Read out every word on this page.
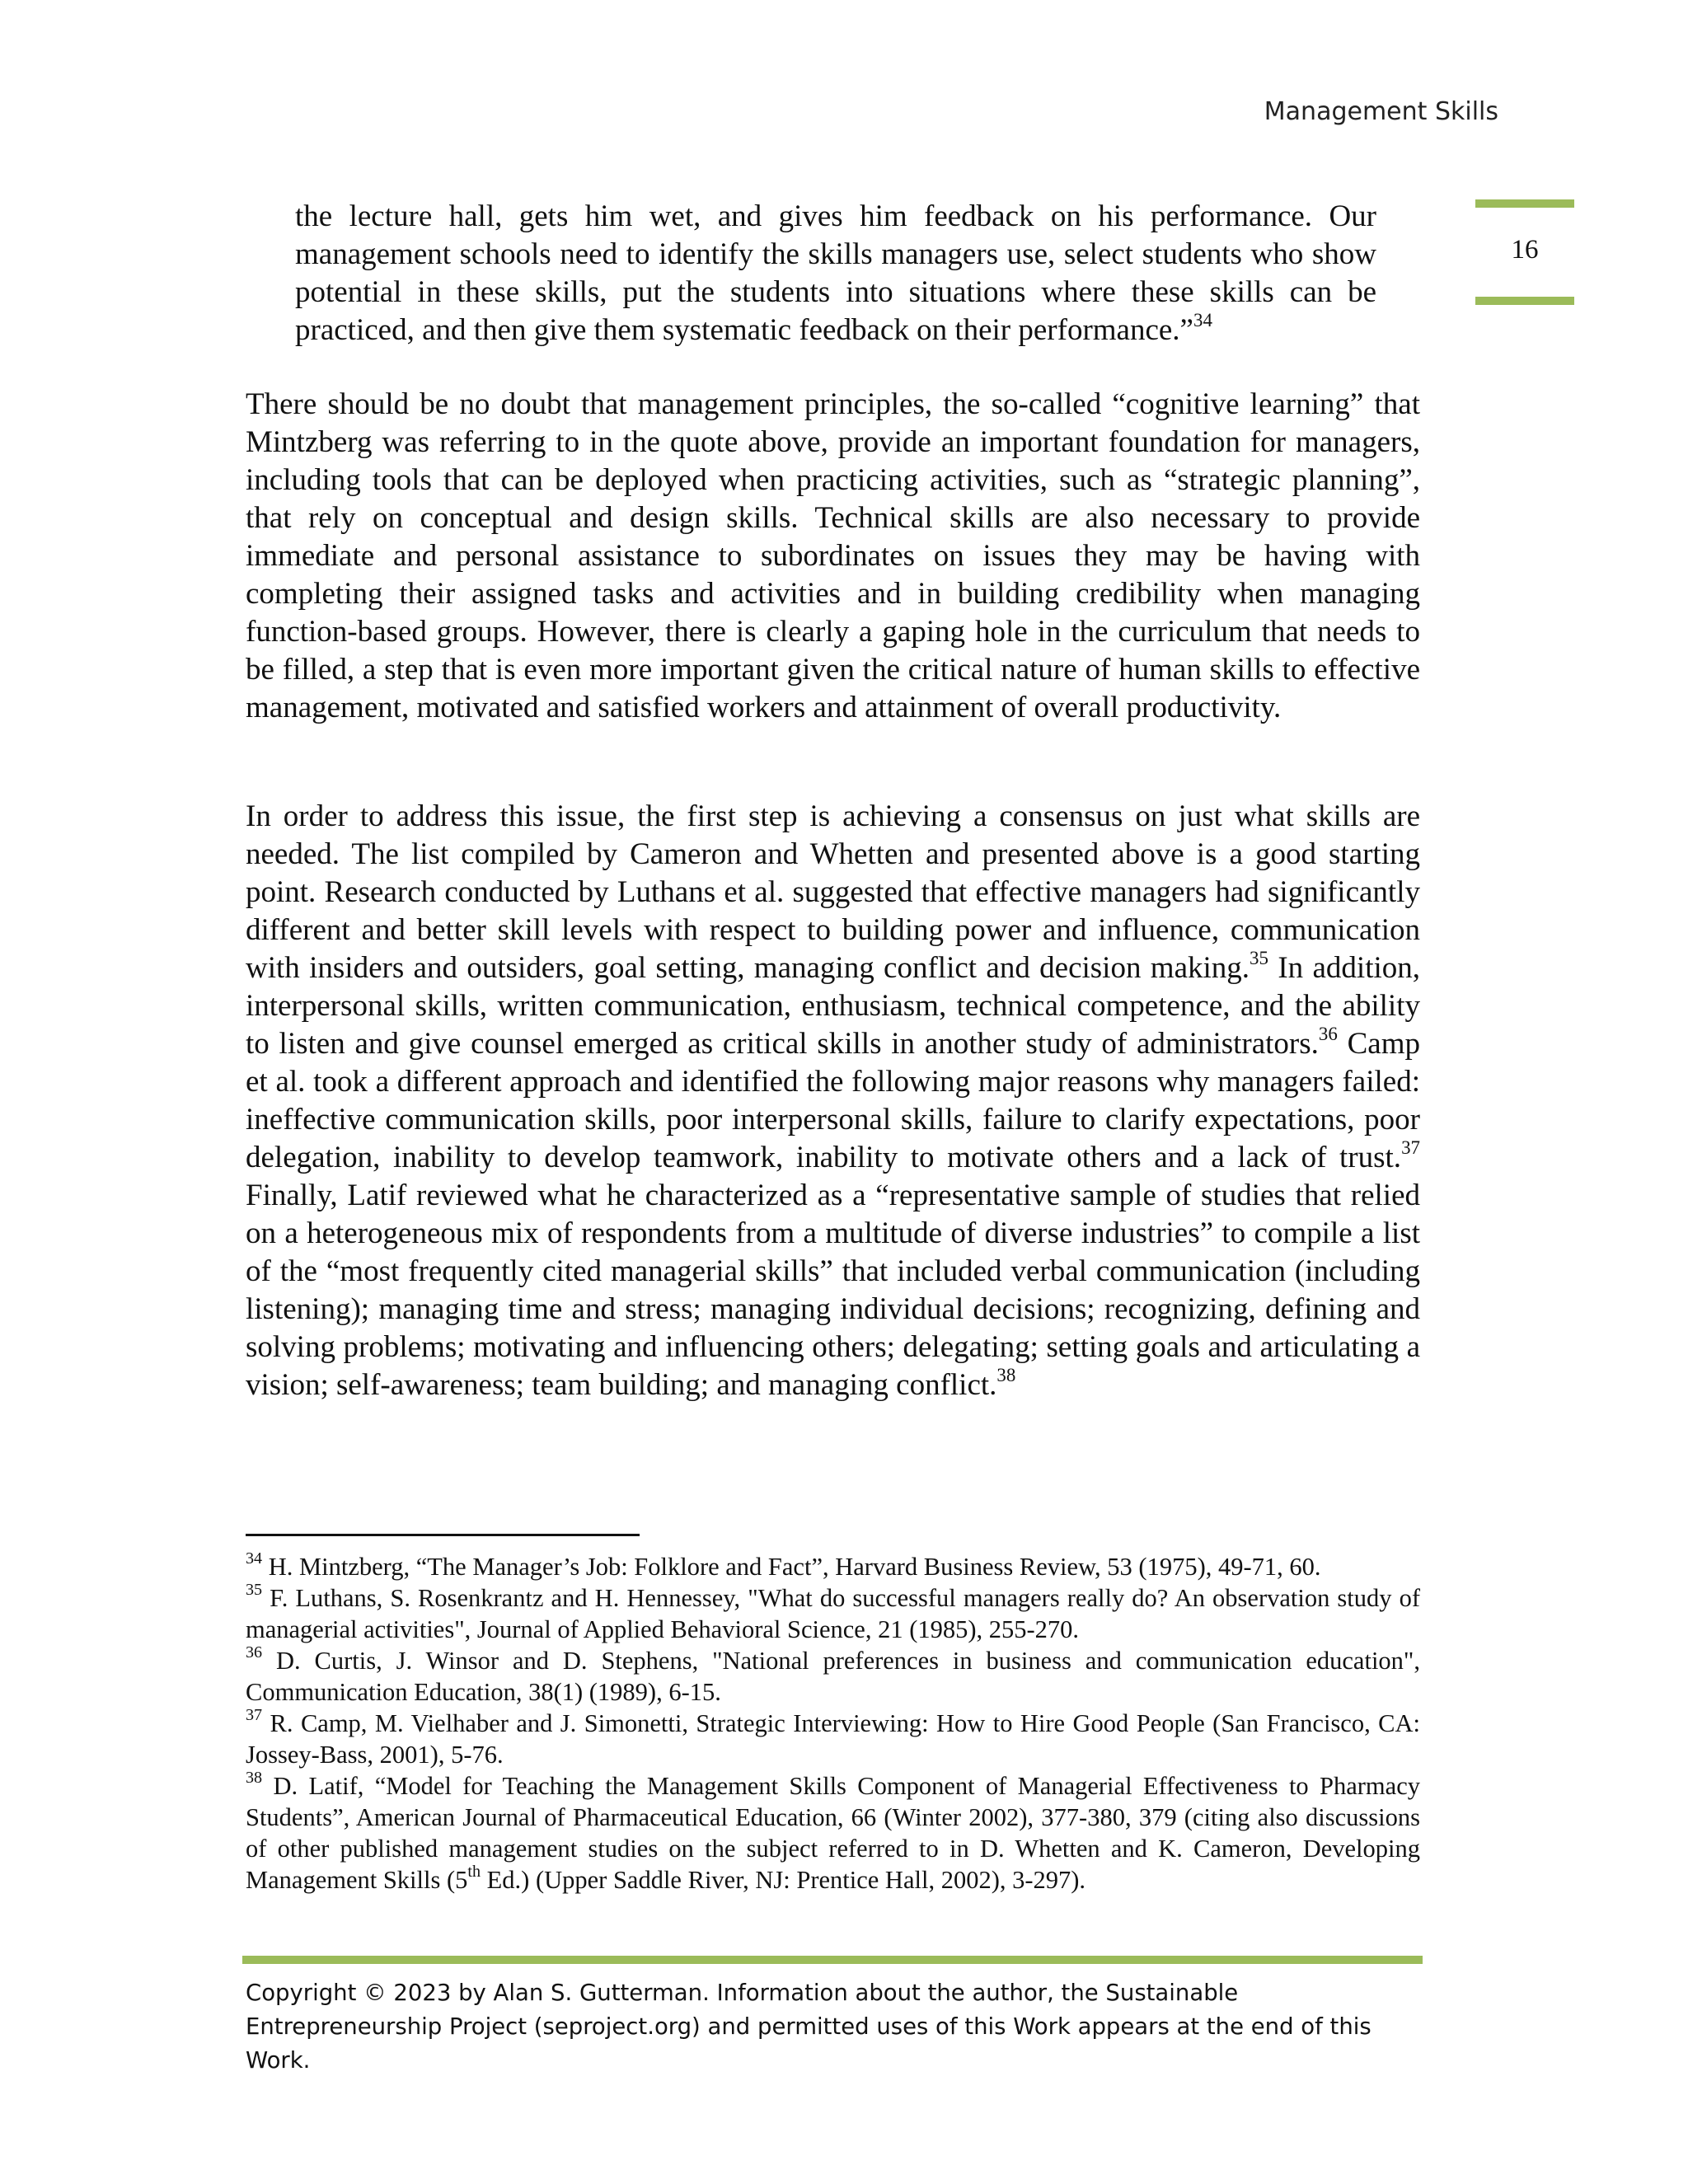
Management Skills
16

the lecture hall, gets him wet, and gives him feedback on his performance. Our management schools need to identify the skills managers use, select students who show potential in these skills, put the students into situations where these skills can be practiced, and then give them systematic feedback on their performance.”$^{34}$

There should be no doubt that management principles, the so-called “cognitive learning” that Mintzberg was referring to in the quote above, provide an important foundation for managers, including tools that can be deployed when practicing activities, such as “strategic planning”, that rely on conceptual and design skills. Technical skills are also necessary to provide immediate and personal assistance to subordinates on issues they may be having with completing their assigned tasks and activities and in building credibility when managing function-based groups. However, there is clearly a gaping hole in the curriculum that needs to be filled, a step that is even more important given the critical nature of human skills to effective management, motivated and satisfied workers and attainment of overall productivity.

In order to address this issue, the first step is achieving a consensus on just what skills are needed. The list compiled by Cameron and Whetten and presented above is a good starting point. Research conducted by Luthans et al. suggested that effective managers had significantly different and better skill levels with respect to building power and influence, communication with insiders and outsiders, goal setting, managing conflict and decision making.$^{35}$ In addition, interpersonal skills, written communication, enthusiasm, technical competence, and the ability to listen and give counsel emerged as critical skills in another study of administrators.$^{36}$ Camp et al. took a different approach and identified the following major reasons why managers failed: ineffective communication skills, poor interpersonal skills, failure to clarify expectations, poor delegation, inability to develop teamwork, inability to motivate others and a lack of trust.$^{37}$ Finally, Latif reviewed what he characterized as a “representative sample of studies that relied on a heterogeneous mix of respondents from a multitude of diverse industries” to compile a list of the “most frequently cited managerial skills” that included verbal communication (including listening); managing time and stress; managing individual decisions; recognizing, defining and solving problems; motivating and influencing others; delegating; setting goals and articulating a vision; self-awareness; team building; and managing conflict.$^{38}$

$^{34}$ H. Mintzberg, “The Manager’s Job: Folklore and Fact”, Harvard Business Review, 53 (1975), 49-71, 60.

$^{35}$ F. Luthans, S. Rosenkrantz and H. Hennessey, "What do successful managers really do? An observation study of managerial activities", Journal of Applied Behavioral Science, 21 (1985), 255-270.

$^{36}$ D. Curtis, J. Winsor and D. Stephens, "National preferences in business and communication education", Communication Education, 38(1) (1989), 6-15.

$^{37}$ R. Camp, M. Vielhaber and J. Simonetti, Strategic Interviewing: How to Hire Good People (San Francisco, CA: Jossey-Bass, 2001), 5-76.

$^{38}$ D. Latif, “Model for Teaching the Management Skills Component of Managerial Effectiveness to Pharmacy Students”, American Journal of Pharmaceutical Education, 66 (Winter 2002), 377-380, 379 (citing also discussions of other published management studies on the subject referred to in D. Whetten and K. Cameron, Developing Management Skills (5th Ed.) (Upper Saddle River, NJ: Prentice Hall, 2002), 3-297).

Copyright © 2023 by Alan S. Gutterman. Information about the author, the Sustainable Entrepreneurship Project (seproject.org) and permitted uses of this Work appears at the end of this Work.
